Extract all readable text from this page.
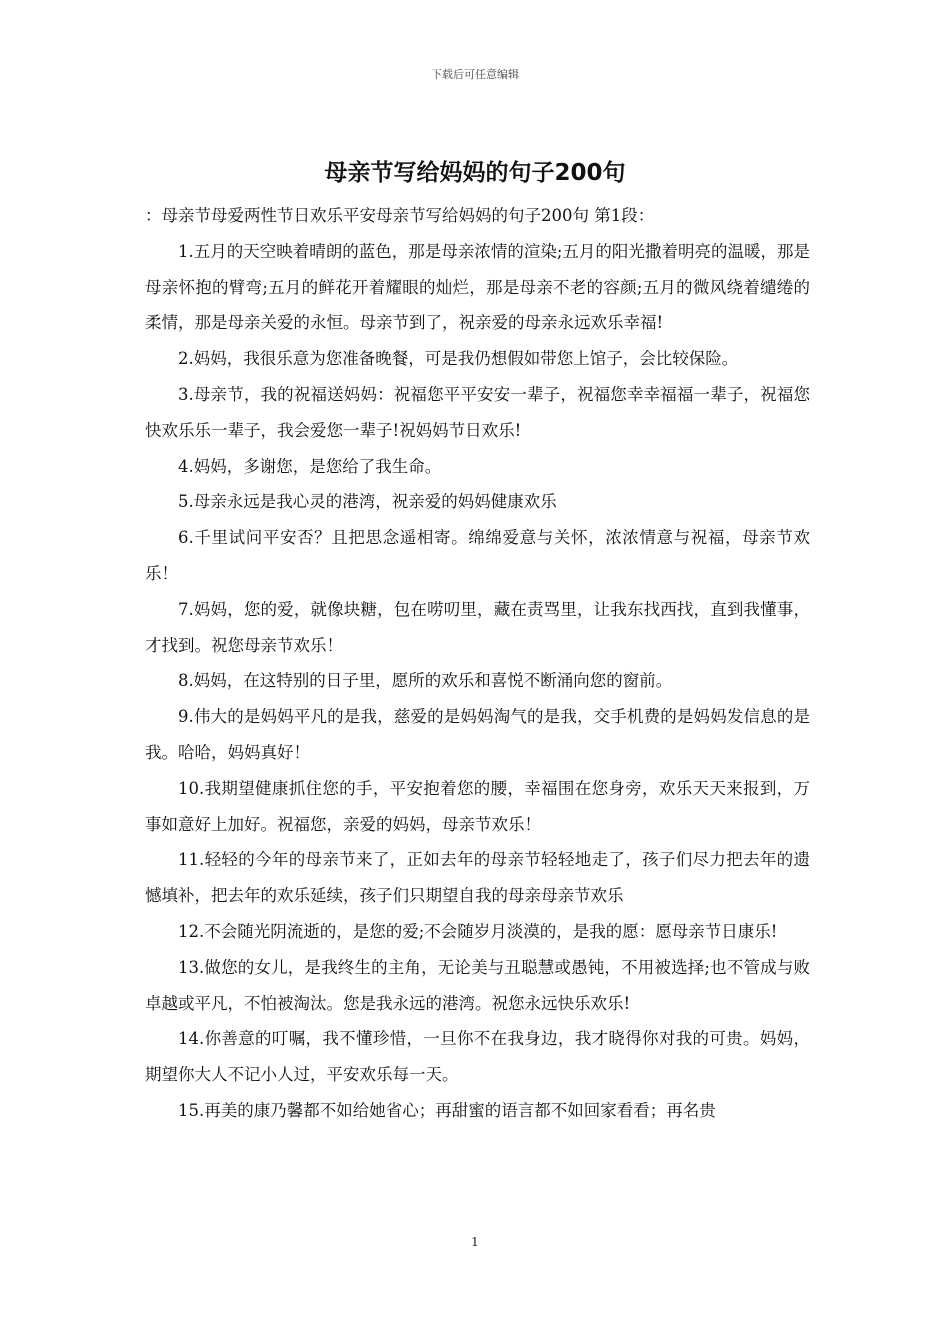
下载后可任意编辑
母亲节写给妈妈的句子200句

：母亲节母爱两性节日欢乐平安母亲节写给妈妈的句子200句 第1段：

1.五月的天空映着晴朗的蓝色，那是母亲浓情的渲染;五月的阳光撒着明亮的温暖，那是母亲怀抱的臂弯;五月的鲜花开着耀眼的灿烂，那是母亲不老的容颜;五月的微风绕着缱绻的柔情，那是母亲关爱的永恒。母亲节到了，祝亲爱的母亲永远欢乐幸福!

2.妈妈，我很乐意为您准备晚餐，可是我仍想假如带您上馆子，会比较保险。

3.母亲节，我的祝福送妈妈：祝福您平平安安一辈子，祝福您幸幸福福一辈子，祝福您快欢乐乐一辈子，我会爱您一辈子!祝妈妈节日欢乐!

4.妈妈，多谢您，是您给了我生命。

5.母亲永远是我心灵的港湾，祝亲爱的妈妈健康欢乐

6.千里试问平安否？且把思念遥相寄。绵绵爱意与关怀，浓浓情意与祝福，母亲节欢乐！

7.妈妈，您的爱，就像块糖，包在唠叨里，藏在责骂里，让我东找西找，直到我懂事，才找到。祝您母亲节欢乐！

8.妈妈，在这特别的日子里，愿所的欢乐和喜悦不断涌向您的窗前。

9.伟大的是妈妈平凡的是我，慈爱的是妈妈淘气的是我，交手机费的是妈妈发信息的是我。哈哈，妈妈真好！

10.我期望健康抓住您的手，平安抱着您的腰，幸福围在您身旁，欢乐天天来报到，万事如意好上加好。祝福您，亲爱的妈妈，母亲节欢乐！

11.轻轻的今年的母亲节来了，正如去年的母亲节轻轻地走了，孩子们尽力把去年的遗憾填补，把去年的欢乐延续，孩子们只期望自我的母亲母亲节欢乐

12.不会随光阴流逝的，是您的爱;不会随岁月淡漠的，是我的愿：愿母亲节日康乐!

13.做您的女儿，是我终生的主角，无论美与丑聪慧或愚钝，不用被选择;也不管成与败卓越或平凡，不怕被淘汰。您是我永远的港湾。祝您永远快乐欢乐!

14.你善意的叮嘱，我不懂珍惜，一旦你不在我身边，我才晓得你对我的可贵。妈妈，期望你大人不记小人过，平安欢乐每一天。

15.再美的康乃馨都不如给她省心；再甜蜜的语言都不如回家看看；再名贵

1
